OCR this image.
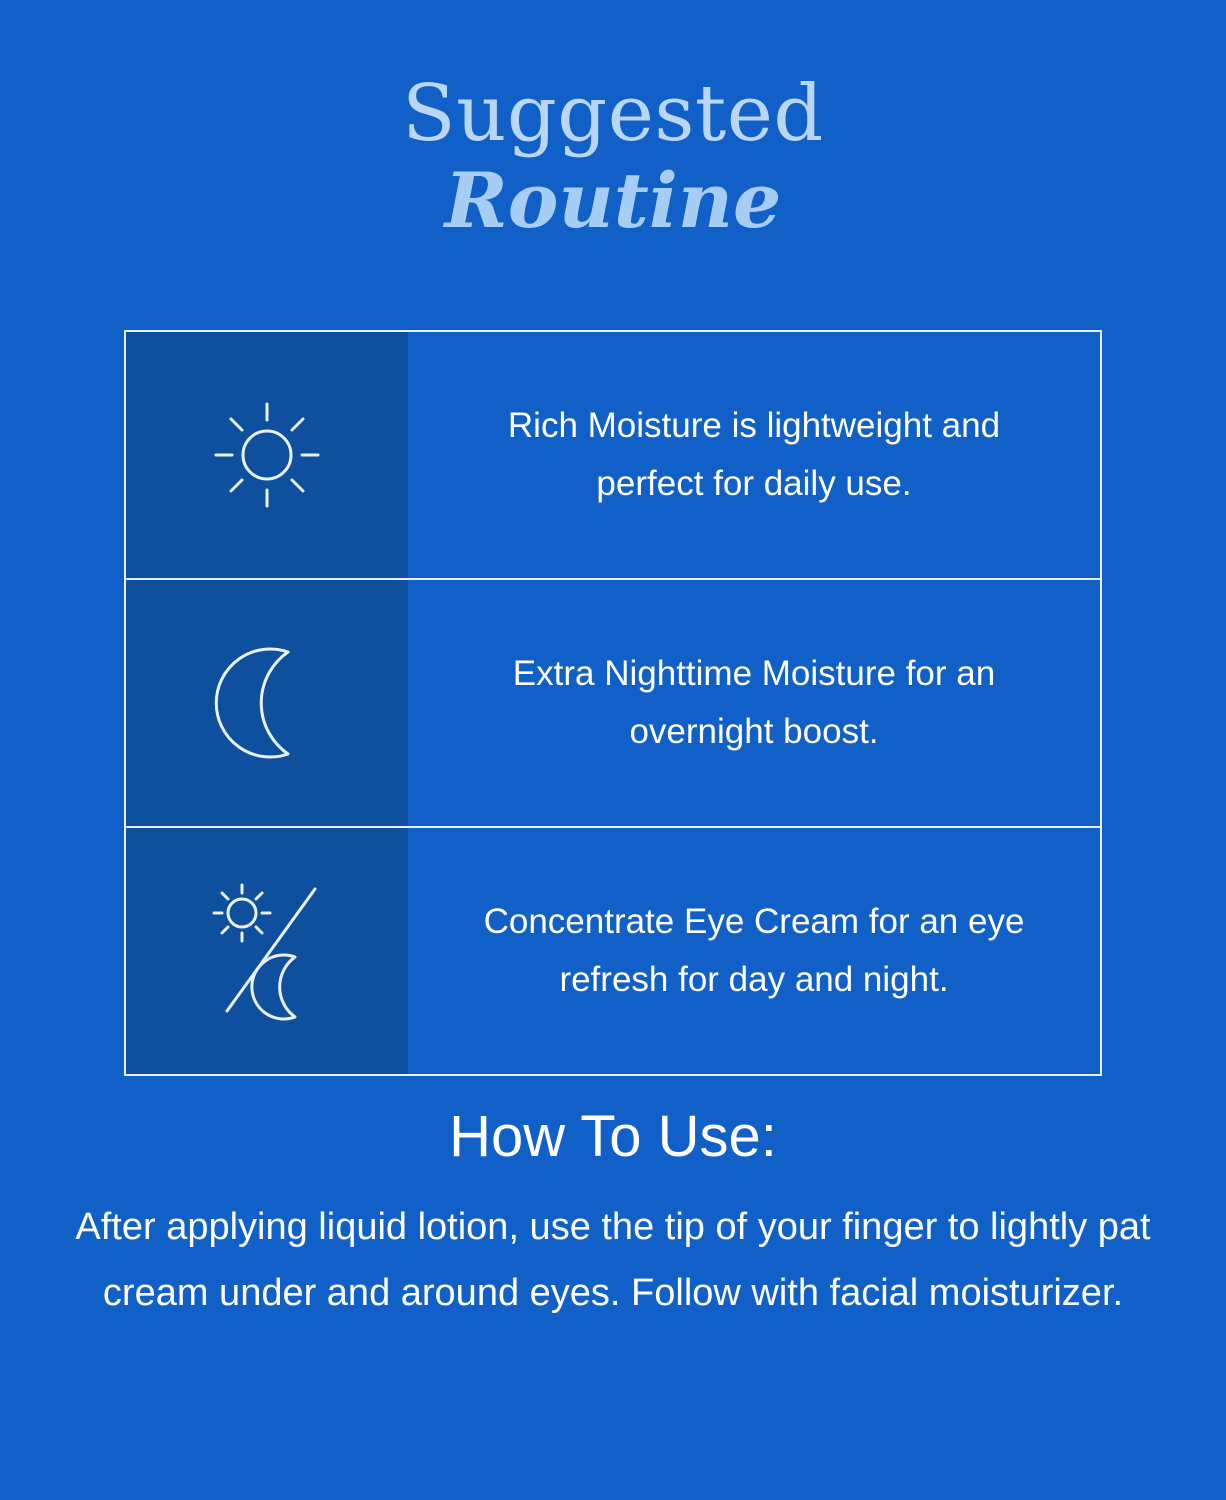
Suggested
Routine
Rich Moisture is lightweight and perfect for daily use.
Extra Nighttime Moisture for an overnight boost.
Concentrate Eye Cream for an eye refresh for day and night.
How To Use:
After applying liquid lotion, use the tip of your finger to lightly pat cream under and around eyes. Follow with facial moisturizer.
